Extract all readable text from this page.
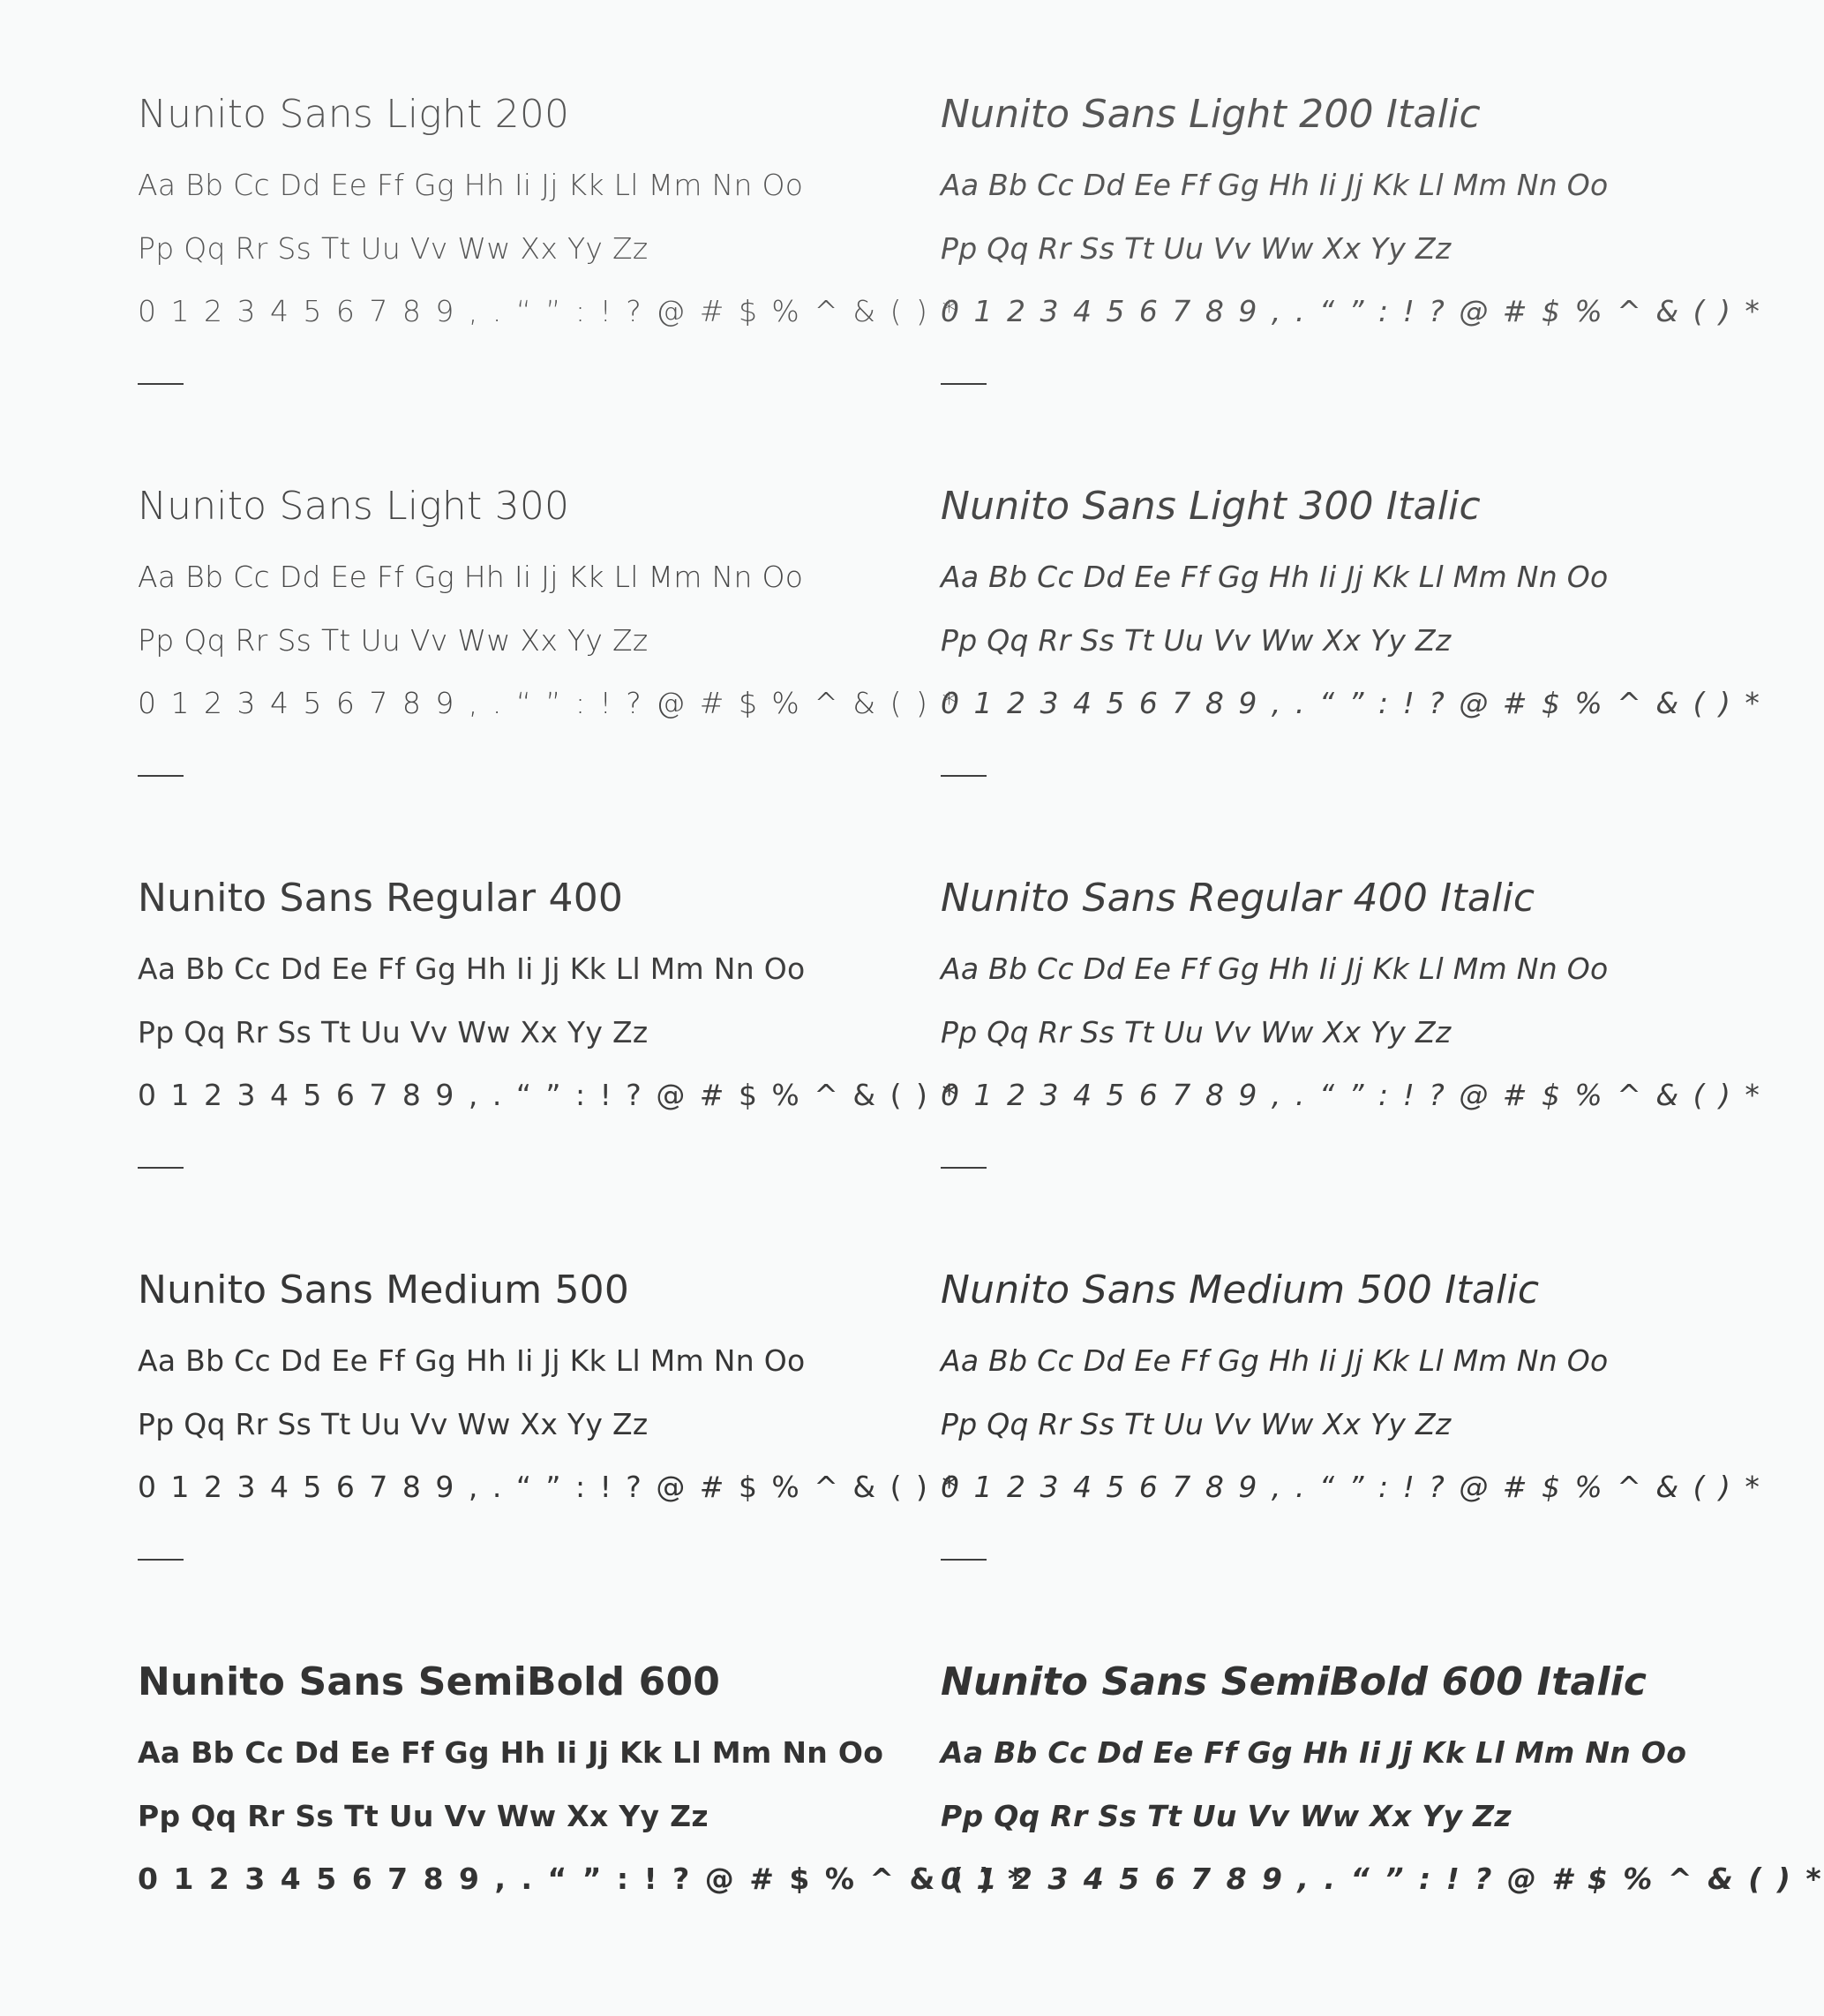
Nunito Sans Light 200
Aa Bb Cc Dd Ee Ff Gg Hh Ii Jj Kk Ll Mm Nn Oo
Pp Qq Rr Ss Tt Uu Vv Ww Xx Yy Zz
0 1 2 3 4 5 6 7 8 9 , . “ ” : ! ? @ # $ % ^ & ( ) *
Nunito Sans Light 300
Aa Bb Cc Dd Ee Ff Gg Hh Ii Jj Kk Ll Mm Nn Oo
Pp Qq Rr Ss Tt Uu Vv Ww Xx Yy Zz
0 1 2 3 4 5 6 7 8 9 , . “ ” : ! ? @ # $ % ^ & ( ) *
Nunito Sans Regular 400
Aa Bb Cc Dd Ee Ff Gg Hh Ii Jj Kk Ll Mm Nn Oo
Pp Qq Rr Ss Tt Uu Vv Ww Xx Yy Zz
0 1 2 3 4 5 6 7 8 9 , . “ ” : ! ? @ # $ % ^ & ( ) *
Nunito Sans Medium 500
Aa Bb Cc Dd Ee Ff Gg Hh Ii Jj Kk Ll Mm Nn Oo
Pp Qq Rr Ss Tt Uu Vv Ww Xx Yy Zz
0 1 2 3 4 5 6 7 8 9 , . “ ” : ! ? @ # $ % ^ & ( ) *
Nunito Sans SemiBold 600
Aa Bb Cc Dd Ee Ff Gg Hh Ii Jj Kk Ll Mm Nn Oo
Pp Qq Rr Ss Tt Uu Vv Ww Xx Yy Zz
0 1 2 3 4 5 6 7 8 9 , . “ ” : ! ? @ # $ % ^ & ( ) *
Nunito Sans Light 200 Italic
Aa Bb Cc Dd Ee Ff Gg Hh Ii Jj Kk Ll Mm Nn Oo
Pp Qq Rr Ss Tt Uu Vv Ww Xx Yy Zz
0 1 2 3 4 5 6 7 8 9 , . “ ” : ! ? @ # $ % ^ & ( ) *
Nunito Sans Light 300 Italic
Aa Bb Cc Dd Ee Ff Gg Hh Ii Jj Kk Ll Mm Nn Oo
Pp Qq Rr Ss Tt Uu Vv Ww Xx Yy Zz
0 1 2 3 4 5 6 7 8 9 , . “ ” : ! ? @ # $ % ^ & ( ) *
Nunito Sans Regular 400 Italic
Aa Bb Cc Dd Ee Ff Gg Hh Ii Jj Kk Ll Mm Nn Oo
Pp Qq Rr Ss Tt Uu Vv Ww Xx Yy Zz
0 1 2 3 4 5 6 7 8 9 , . “ ” : ! ? @ # $ % ^ & ( ) *
Nunito Sans Medium 500 Italic
Aa Bb Cc Dd Ee Ff Gg Hh Ii Jj Kk Ll Mm Nn Oo
Pp Qq Rr Ss Tt Uu Vv Ww Xx Yy Zz
0 1 2 3 4 5 6 7 8 9 , . “ ” : ! ? @ # $ % ^ & ( ) *
Nunito Sans SemiBold 600 Italic
Aa Bb Cc Dd Ee Ff Gg Hh Ii Jj Kk Ll Mm Nn Oo
Pp Qq Rr Ss Tt Uu Vv Ww Xx Yy Zz
0 1 2 3 4 5 6 7 8 9 , . “ ” : ! ? @ # $ % ^ & ( ) *
